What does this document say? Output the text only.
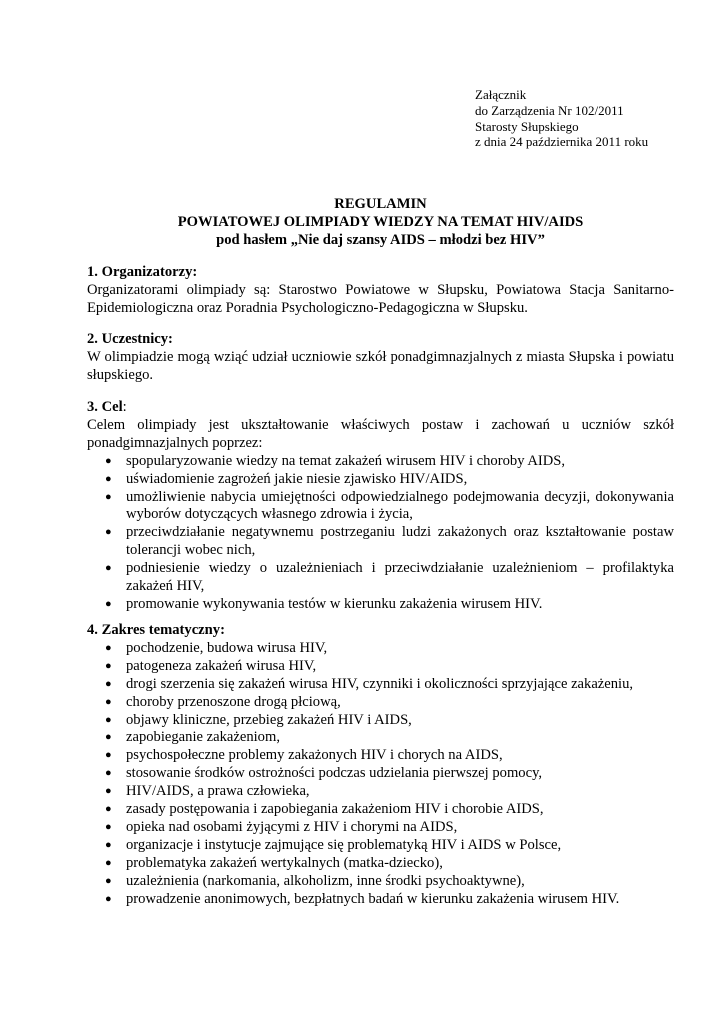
Załącznik
do Zarządzenia Nr 102/2011
Starosty Słupskiego
z dnia 24 października 2011 roku
REGULAMIN
POWIATOWEJ OLIMPIADY WIEDZY NA TEMAT HIV/AIDS
pod hasłem „Nie daj szansy AIDS – młodzi bez HIV”
1. Organizatorzy:

Organizatorami olimpiady są: Starostwo Powiatowe w Słupsku, Powiatowa Stacja Sanitarno-Epidemiologiczna oraz Poradnia Psychologiczno-Pedagogiczna w Słupsku.

2. Uczestnicy:

W olimpiadzie mogą wziąć udział uczniowie szkół ponadgimnazjalnych z miasta Słupska i powiatu słupskiego.

3. Cel:

Celem olimpiady jest ukształtowanie właściwych postaw i zachowań u uczniów szkół ponadgimnazjalnych poprzez:

● spopularyzowanie wiedzy na temat zakażeń wirusem HIV i choroby AIDS,
● uświadomienie zagrożeń jakie niesie zjawisko HIV/AIDS,
● umożliwienie nabycia umiejętności odpowiedzialnego podejmowania decyzji, dokonywania wyborów dotyczących własnego zdrowia i życia,
● przeciwdziałanie negatywnemu postrzeganiu ludzi zakażonych oraz kształtowanie postaw tolerancji wobec nich,
● podniesienie wiedzy o uzależnieniach i przeciwdziałanie uzależnieniom – profilaktyka zakażeń HIV,
● promowanie wykonywania testów w kierunku zakażenia wirusem HIV.
4. Zakres tematyczny:
● pochodzenie, budowa wirusa HIV,
● patogeneza zakażeń wirusa HIV,
● drogi szerzenia się zakażeń wirusa HIV, czynniki i okoliczności sprzyjające zakażeniu,
● choroby przenoszone drogą płciową,
● objawy kliniczne, przebieg zakażeń HIV i AIDS,
● zapobieganie zakażeniom,
● psychospołeczne problemy zakażonych HIV i chorych na AIDS,
● stosowanie środków ostrożności podczas udzielania pierwszej pomocy,
● HIV/AIDS, a prawa człowieka,
● zasady postępowania i zapobiegania zakażeniom HIV i chorobie AIDS,
● opieka nad osobami żyjącymi z HIV i chorymi na AIDS,
● organizacje i instytucje zajmujące się problematyką HIV i AIDS w Polsce,
● problematyka zakażeń wertykalnych (matka-dziecko),
● uzależnienia (narkomania, alkoholizm, inne środki psychoaktywne),
● prowadzenie anonimowych, bezpłatnych badań w kierunku zakażenia wirusem HIV.
